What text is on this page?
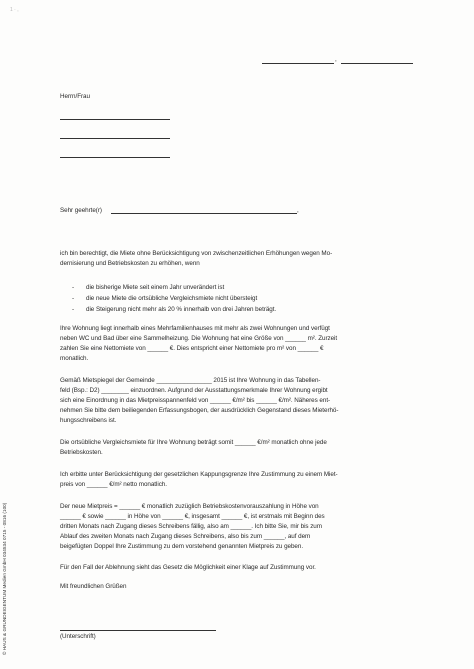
1 · ,
,
Herrn/Frau
Sehr geehrte(r)	,
ich bin berechtigt, die Miete ohne Berücksichtigung von zwischenzeitlichen Erhöhungen wegen Mo-
dernisierung und Betriebskosten zu erhöhen, wenn
- die bisherige Miete seit einem Jahr unverändert ist
- die neue Miete die ortsübliche Vergleichsmiete nicht übersteigt
- die Steigerung nicht mehr als 20 % innerhalb von drei Jahren beträgt.
Ihre Wohnung liegt innerhalb eines Mehrfamilienhauses mit mehr als zwei Wohnungen und verfügt
neben WC und Bad über eine Sammelheizung. Die Wohnung hat eine Größe von ______ m². Zurzeit
zahlen Sie eine Nettomiete von ______ €. Dies entspricht einer Nettomiete pro m² von ______ €
monatlich.
Gemäß Mietspiegel der Gemeinde ________________ 2015 ist Ihre Wohnung in das Tabellen-
feld (Bsp.: D2) ________ einzuordnen. Aufgrund der Ausstattungsmerkmale Ihrer Wohnung ergibt
sich eine Einordnung in das Mietpreisspannenfeld von ______ €/m² bis ______ €/m². Näheres ent-
nehmen Sie bitte dem beiliegenden Erfassungsbogen, der ausdrücklich Gegenstand dieses Mieterhö-
hungsschreibens ist.
Die ortsübliche Vergleichsmiete für Ihre Wohnung beträgt somit ______ €/m² monatlich ohne jede
Betriebskosten.
Ich erbitte unter Berücksichtigung der gesetzlichen Kappungsgrenze Ihre Zustimmung zu einem Miet-
preis von ______ €/m² netto monatlich.
Der neue Mietpreis = ______ € monatlich zuzüglich Betriebskostenvorauszahlung in Höhe von
______ € sowie ______ in Höhe von ______ €, insgesamt ______ €, ist erstmals mit Beginn des
dritten Monats nach Zugang dieses Schreibens fällig, also am ______. Ich bitte Sie, mir bis zum
Ablauf des zweiten Monats nach Zugang dieses Schreibens, also bis zum ______, auf dem
beigefügten Doppel Ihre Zustimmung zu dem vorstehend genannten Mietpreis zu geben.
Für den Fall der Ablehnung sieht das Gesetz die Möglichkeit einer Klage auf Zustimmung vor.
Mit freundlichen Grüßen
(Unterschrift)
© HAUS & GRUNDEIGENTUM Medien GmbH 034534 0715 - 0816 (100)
